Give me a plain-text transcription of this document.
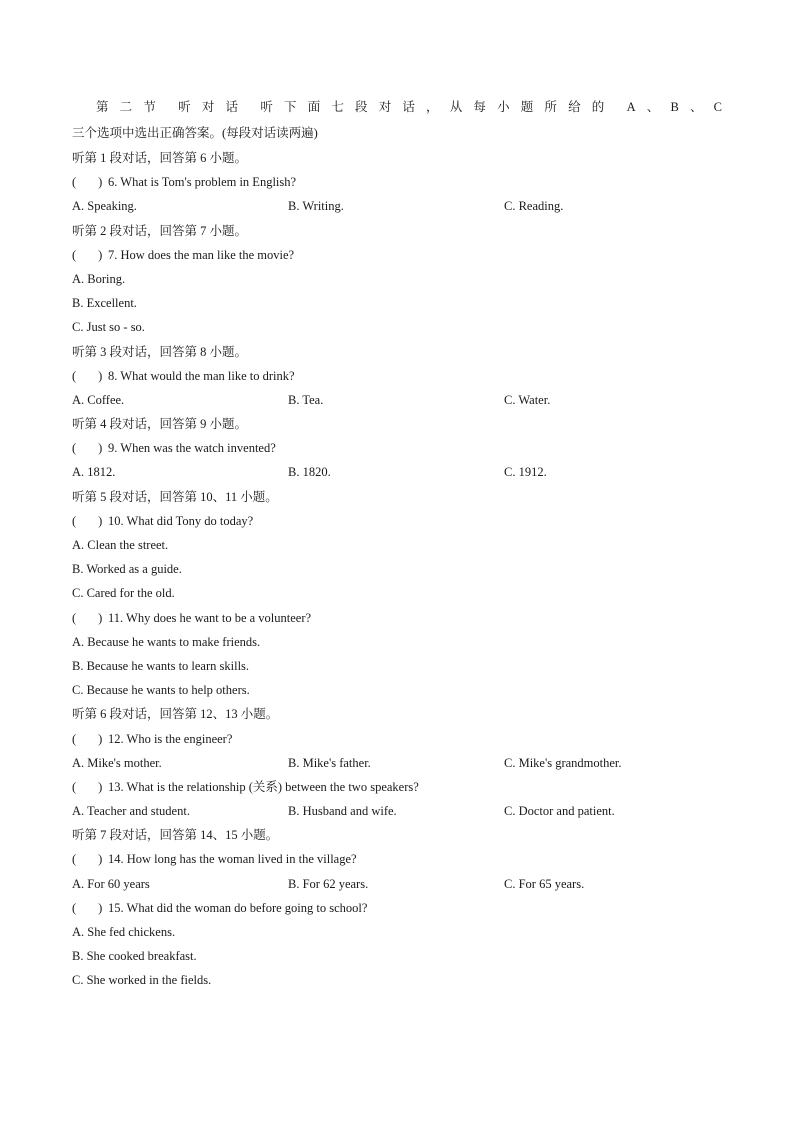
第 二 节 听 对 话 听 下 面 七 段 对 话 ， 从 每 小 题 所 给 的 A 、 B 、 C
三个选项中选出正确答案。(每段对话读两遍)
听第 1 段对话，回答第 6 小题。
( ) 6. What is Tom's problem in English?
A. Speaking.	B. Writing.	C. Reading.
听第 2 段对话，回答第 7 小题。
( ) 7. How does the man like the movie?
A. Boring.
B. Excellent.
C. Just so - so.
听第 3 段对话，回答第 8 小题。
( ) 8. What would the man like to drink?
A. Coffee.	B. Tea.	C. Water.
听第 4 段对话，回答第 9 小题。
( ) 9. When was the watch invented?
A. 1812.	B. 1820.	C. 1912.
听第 5 段对话，回答第 10、11 小题。
( ) 10. What did Tony do today?
A. Clean the street.
B. Worked as a guide.
C. Cared for the old.
( ) 11. Why does he want to be a volunteer?
A. Because he wants to make friends.
B. Because he wants to learn skills.
C. Because he wants to help others.
听第 6 段对话，回答第 12、13 小题。
( ) 12. Who is the engineer?
A. Mike's mother.	B. Mike's father.	C. Mike's grandmother.
( ) 13. What is the relationship (关系) between the two speakers?
A. Teacher and student.	B. Husband and wife.	C. Doctor and patient.
听第 7 段对话，回答第 14、15 小题。
( ) 14. How long has the woman lived in the village?
A. For 60 years	B. For 62 years.	C. For 65 years.
( ) 15. What did the woman do before going to school?
A. She fed chickens.
B. She cooked breakfast.
C. She worked in the fields.
